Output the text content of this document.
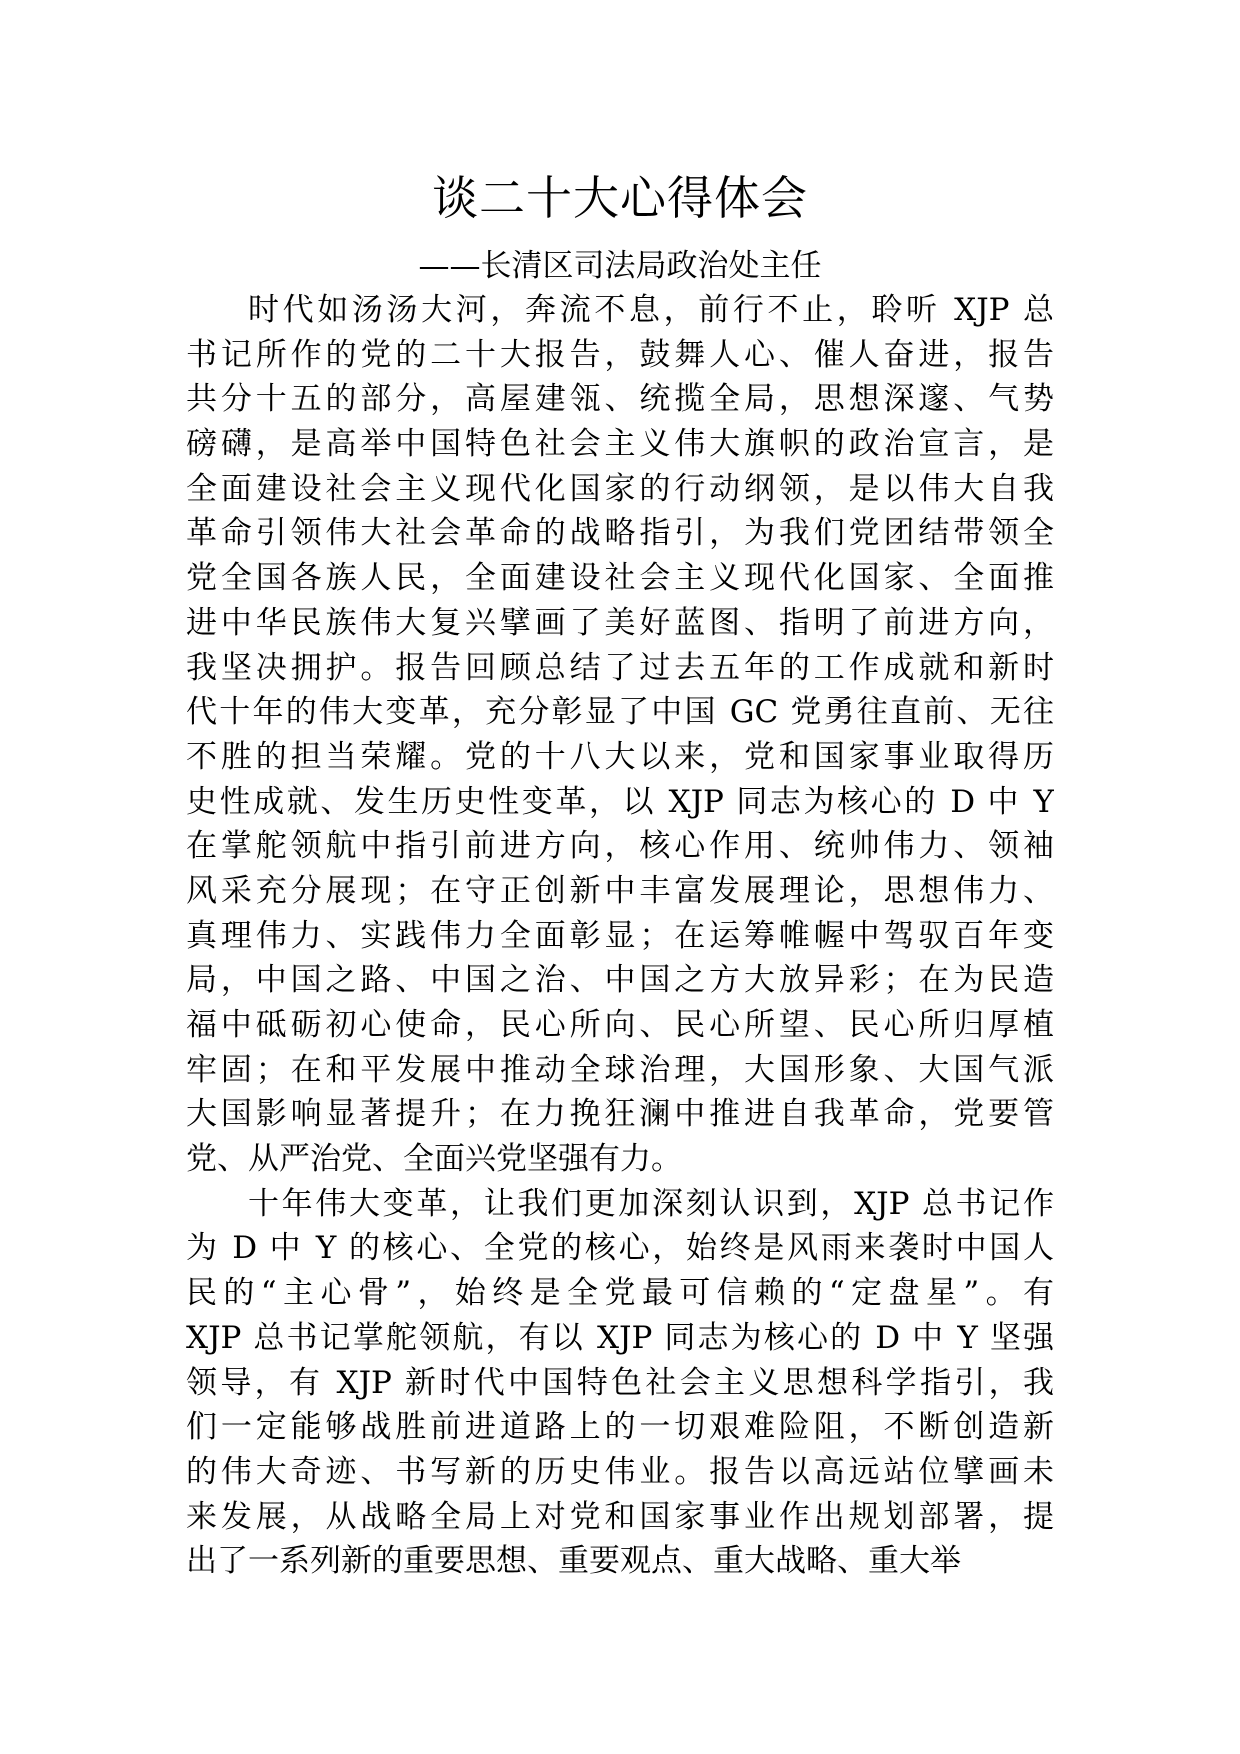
谈二十大心得体会
——长清区司法局政治处主任
时代如汤汤大河，奔流不息，前行不止，聆听 XJP 总
书记所作的党的二十大报告，鼓舞人心、催人奋进，报告
共分十五的部分，高屋建瓴、统揽全局，思想深邃、气势
磅礴，是高举中国特色社会主义伟大旗帜的政治宣言，是
全面建设社会主义现代化国家的行动纲领，是以伟大自我
革命引领伟大社会革命的战略指引，为我们党团结带领全
党全国各族人民，全面建设社会主义现代化国家、全面推
进中华民族伟大复兴擘画了美好蓝图、指明了前进方向，
我坚决拥护。报告回顾总结了过去五年的工作成就和新时
代十年的伟大变革，充分彰显了中国 GC 党勇往直前、无往
不胜的担当荣耀。党的十八大以来，党和国家事业取得历
史性成就、发生历史性变革，以 XJP 同志为核心的 D 中 Y
在掌舵领航中指引前进方向，核心作用、统帅伟力、领袖
风采充分展现；在守正创新中丰富发展理论，思想伟力、
真理伟力、实践伟力全面彰显；在运筹帷幄中驾驭百年变
局，中国之路、中国之治、中国之方大放异彩；在为民造
福中砥砺初心使命，民心所向、民心所望、民心所归厚植
牢固；在和平发展中推动全球治理，大国形象、大国气派
大国影响显著提升；在力挽狂澜中推进自我革命，党要管
党、从严治党、全面兴党坚强有力。
十年伟大变革，让我们更加深刻认识到，XJP 总书记作
为 D 中 Y 的核心、全党的核心，始终是风雨来袭时中国人
民的“主心骨”，始终是全党最可信赖的“定盘星”。有
XJP 总书记掌舵领航，有以 XJP 同志为核心的 D 中 Y 坚强
领导，有 XJP 新时代中国特色社会主义思想科学指引，我
们一定能够战胜前进道路上的一切艰难险阻，不断创造新
的伟大奇迹、书写新的历史伟业。报告以高远站位擘画未
来发展，从战略全局上对党和国家事业作出规划部署，提
出了一系列新的重要思想、重要观点、重大战略、重大举
